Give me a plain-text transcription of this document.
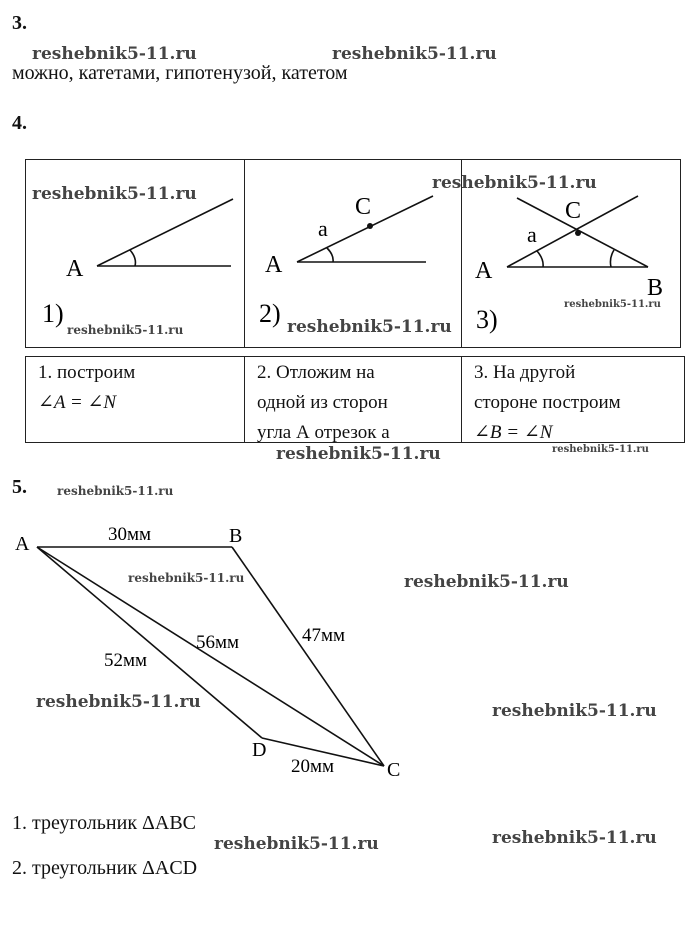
3.
можно, катетами, гипотенузой, катетом
4.
A
1)
A
C
a
2)
A
C
a
B
3)
1. построим
∠A = ∠N
2. Отложим на
одной из сторон
угла А отрезок а
3. На другой
стороне построим
∠B = ∠N
5.
A	B
C
D
30мм
47мм
56мм
52мм
20мм
1. треугольник ΔABC
2. треугольник ΔACD
reshebnik5-11.ru	reshebnik5-11.ru
reshebnik5-11.ru
reshebnik5-11.ru
reshebnik5-11.ru	reshebnik5-11.ru
reshebnik5-11.ru
reshebnik5-11.ru	reshebnik5-11.ru
reshebnik5-11.ru
reshebnik5-11.ru	reshebnik5-11.ru
reshebnik5-11.ru	reshebnik5-11.ru
reshebnik5-11.ru	reshebnik5-11.ru
